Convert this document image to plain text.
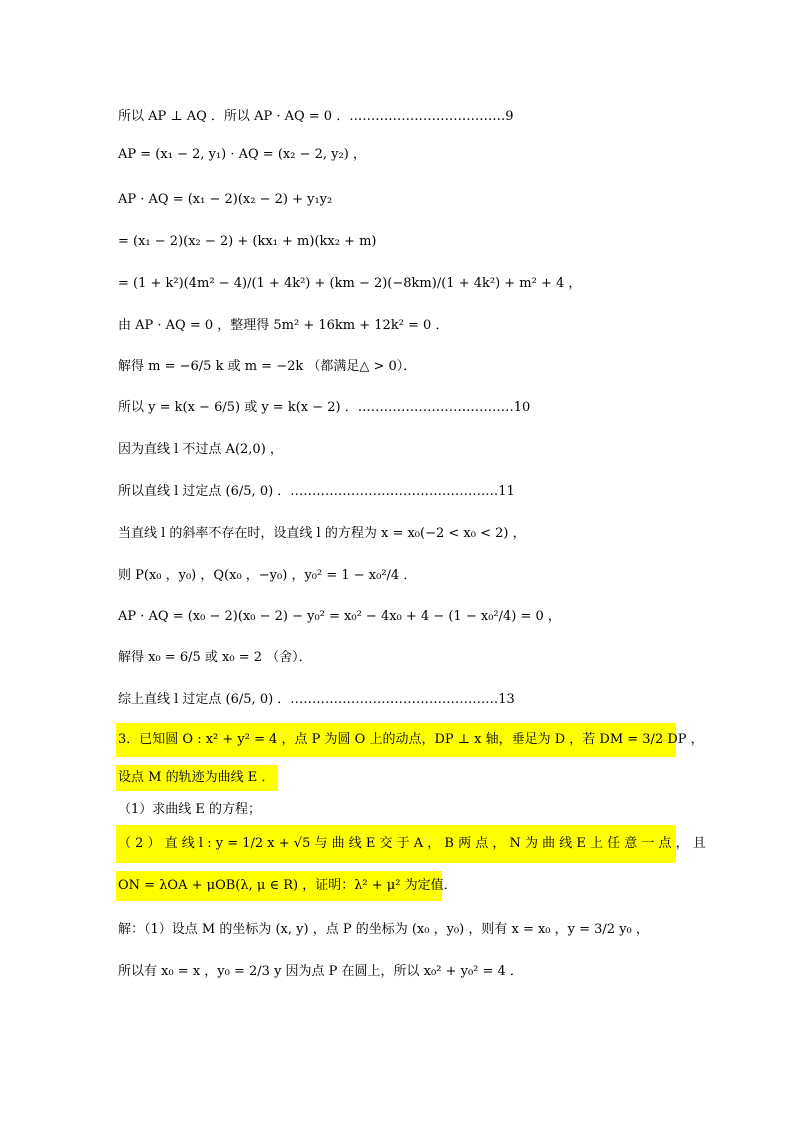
所以 AP ⊥ AQ ．所以 AP · AQ = 0 ．………………………………9
AP = (x₁ − 2, y₁) · AQ = (x₂ − 2, y₂) ，
AP · AQ = (x₁ − 2)(x₂ − 2) + y₁y₂
= (x₁ − 2)(x₂ − 2) + (kx₁ + m)(kx₂ + m)
= (1 + k²)(4m² − 4)/(1 + 4k²) + (km − 2)(−8km)/(1 + 4k²) + m² + 4 ，
由 AP · AQ = 0 ，整理得 5m² + 16km + 12k² = 0 ．
解得 m = −6/5 k 或 m = −2k （都满足△ > 0）．
所以 y = k(x − 6/5) 或 y = k(x − 2) ．………………………………10
因为直线 l 不过点 A(2,0) ，
所以直线 l 过定点 (6/5, 0) ．…………………………………………11
当直线 l 的斜率不存在时，设直线 l 的方程为 x = x₀(−2 < x₀ < 2) ，
则 P(x₀ ，y₀) ，Q(x₀ ，−y₀) ，y₀² = 1 − x₀²/4 ．
AP · AQ = (x₀ − 2)(x₀ − 2) − y₀² = x₀² − 4x₀ + 4 − (1 − x₀²/4) = 0 ，
解得 x₀ = 6/5 或 x₀ = 2 （舍）．
综上直线 l 过定点 (6/5, 0) ．…………………………………………13
3．已知圆 O : x² + y² = 4 ，点 P 为圆 O 上的动点，DP ⊥ x 轴，垂足为 D ，若 DM = 3/2 DP ，
设点 M 的轨迹为曲线 E ．
（1）求曲线 E 的方程；
（ 2 ） 直 线 l : y = 1/2 x + √5 与 曲 线 E 交 于 A ， B 两 点 ， N 为 曲 线 E 上 任 意 一 点 ， 且
ON = λOA + μOB(λ, μ ∈ R) ，证明：λ² + μ² 为定值．
解：（1）设点 M 的坐标为 (x, y) ，点 P 的坐标为 (x₀ ，y₀) ，则有 x = x₀ ，y = 3/2 y₀ ，
所以有 x₀ = x ，y₀ = 2/3 y 因为点 P 在圆上，所以 x₀² + y₀² = 4 ．
